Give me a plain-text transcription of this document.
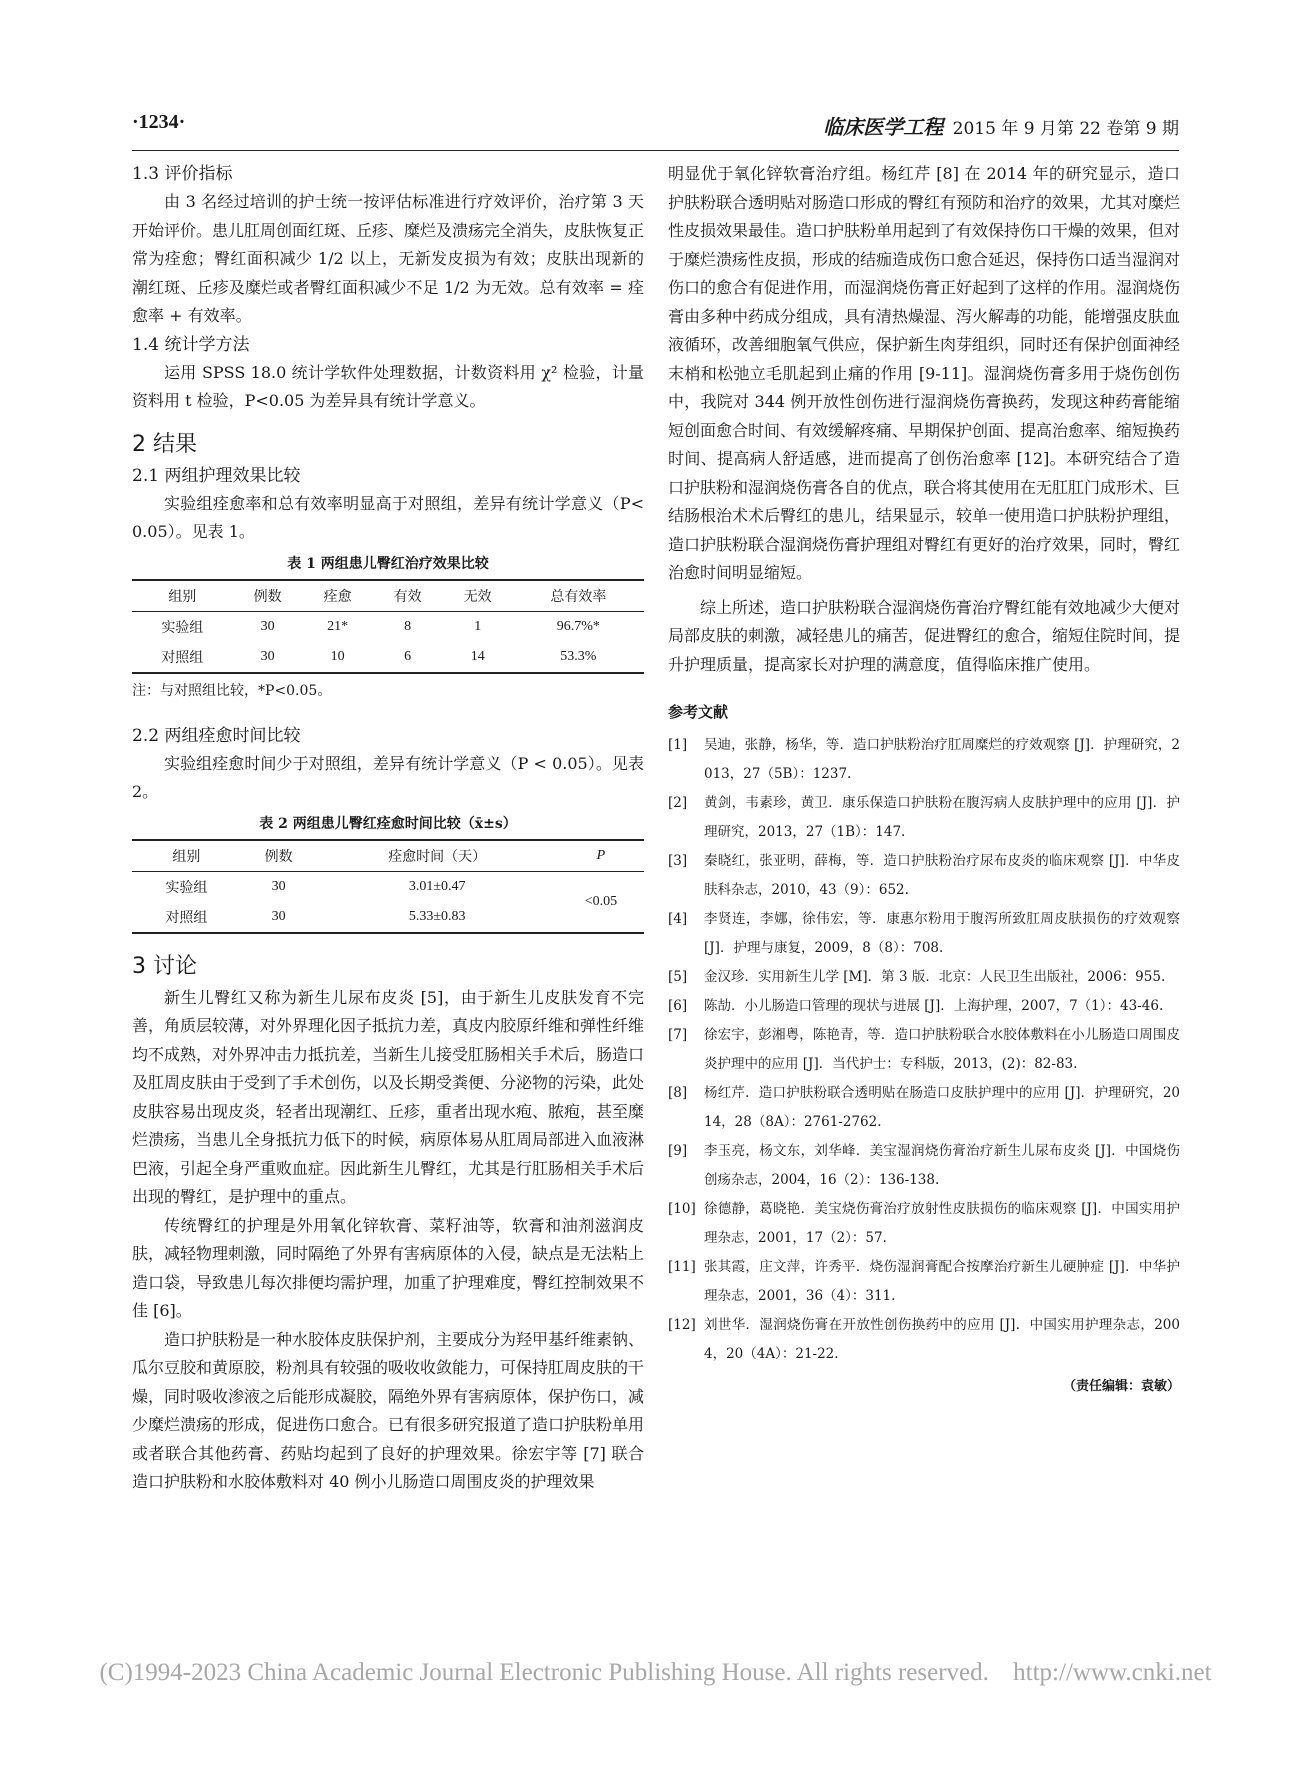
·1234·	临床医学工程 2015 年 9 月第 22 卷第 9 期

1.3 评价指标

由 3 名经过培训的护士统一按评估标准进行疗效评价，治疗第 3 天开始评价。患儿肛周创面红斑、丘疹、糜烂及溃疡完全消失，皮肤恢复正常为痊愈；臀红面积减少 1/2 以上，无新发皮损为有效；皮肤出现新的潮红斑、丘疹及糜烂或者臀红面积减少不足 1/2 为无效。总有效率 = 痊愈率 + 有效率。

1.4 统计学方法

运用 SPSS 18.0 统计学软件处理数据，计数资料用 χ² 检验，计量资料用 t 检验，P<0.05 为差异具有统计学意义。

2 结果

2.1 两组护理效果比较

实验组痊愈率和总有效率明显高于对照组，差异有统计学意义（P<0.05）。见表 1。

表 1 两组患儿臀红治疗效果比较
组别	例数	痊愈	有效	无效	总有效率
实验组	30	21*	8	1	96.7%*
对照组	30	10	6	14	53.3%

注：与对照组比较，*P<0.05。

2.2 两组痊愈时间比较

实验组痊愈时间少于对照组，差异有统计学意义（P < 0.05）。见表 2。

表 2 两组患儿臀红痊愈时间比较（x̄±s）
组别	例数	痊愈时间（天）	P
实验组	30	3.01±0.47	<0.05
对照组	30	5.33±0.83	

3 讨论

新生儿臀红又称为新生儿尿布皮炎 [5]，由于新生儿皮肤发育不完善，角质层较薄，对外界理化因子抵抗力差，真皮内胶原纤维和弹性纤维均不成熟，对外界冲击力抵抗差，当新生儿接受肛肠相关手术后，肠造口及肛周皮肤由于受到了手术创伤，以及长期受粪便、分泌物的污染，此处皮肤容易出现皮炎，轻者出现潮红、丘疹，重者出现水疱、脓疱，甚至糜烂溃疡，当患儿全身抵抗力低下的时候，病原体易从肛周局部进入血液淋巴液，引起全身严重败血症。因此新生儿臀红，尤其是行肛肠相关手术后出现的臀红，是护理中的重点。

传统臀红的护理是外用氧化锌软膏、菜籽油等，软膏和油剂滋润皮肤，减轻物理刺激，同时隔绝了外界有害病原体的入侵，缺点是无法粘上造口袋，导致患儿每次排便均需护理，加重了护理难度，臀红控制效果不佳 [6]。

造口护肤粉是一种水胶体皮肤保护剂，主要成分为羟甲基纤维素钠、瓜尔豆胶和黄原胶，粉剂具有较强的吸收收敛能力，可保持肛周皮肤的干燥，同时吸收渗液之后能形成凝胶，隔绝外界有害病原体，保护伤口，减少糜烂溃疡的形成，促进伤口愈合。已有很多研究报道了造口护肤粉单用或者联合其他药膏、药贴均起到了良好的护理效果。徐宏宇等 [7] 联合造口护肤粉和水胶体敷料对 40 例小儿肠造口周围皮炎的护理效果

明显优于氧化锌软膏治疗组。杨红芹 [8] 在 2014 年的研究显示，造口护肤粉联合透明贴对肠造口形成的臀红有预防和治疗的效果，尤其对糜烂性皮损效果最佳。造口护肤粉单用起到了有效保持伤口干燥的效果，但对于糜烂溃疡性皮损，形成的结痂造成伤口愈合延迟，保持伤口适当湿润对伤口的愈合有促进作用，而湿润烧伤膏正好起到了这样的作用。湿润烧伤膏由多种中药成分组成，具有清热燥湿、泻火解毒的功能，能增强皮肤血液循环，改善细胞氧气供应，保护新生肉芽组织，同时还有保护创面神经末梢和松弛立毛肌起到止痛的作用 [9-11]。湿润烧伤膏多用于烧伤创伤中，我院对 344 例开放性创伤进行湿润烧伤膏换药，发现这种药膏能缩短创面愈合时间、有效缓解疼痛、早期保护创面、提高治愈率、缩短换药时间、提高病人舒适感，进而提高了创伤治愈率 [12]。本研究结合了造口护肤粉和湿润烧伤膏各自的优点，联合将其使用在无肛肛门成形术、巨结肠根治术术后臀红的患儿，结果显示，较单一使用造口护肤粉护理组，造口护肤粉联合湿润烧伤膏护理组对臀红有更好的治疗效果，同时，臀红治愈时间明显缩短。

综上所述，造口护肤粉联合湿润烧伤膏治疗臀红能有效地减少大便对局部皮肤的刺激，减轻患儿的痛苦，促进臀红的愈合，缩短住院时间，提升护理质量，提高家长对护理的满意度，值得临床推广使用。

参考文献

[1]	吴迪，张静，杨华，等．造口护肤粉治疗肛周糜烂的疗效观察 [J]．护理研究，2013，27（5B）：1237.
[2]	黄剑，韦素珍，黄卫．康乐保造口护肤粉在腹泻病人皮肤护理中的应用 [J]．护理研究，2013，27（1B）：147.
[3]	秦晓红，张亚明，薛梅，等．造口护肤粉治疗尿布皮炎的临床观察 [J]．中华皮肤科杂志，2010，43（9）：652.
[4]	李贤连，李娜，徐伟宏，等．康惠尔粉用于腹泻所致肛周皮肤损伤的疗效观察 [J]．护理与康复，2009，8（8）：708.
[5]	金汉珍．实用新生儿学 [M]．第 3 版．北京：人民卫生出版社，2006：955.
[6]	陈劼．小儿肠造口管理的现状与进展 [J]．上海护理，2007，7（1）：43-46.
[7]	徐宏宇，彭湘粤，陈艳青，等．造口护肤粉联合水胶体敷料在小儿肠造口周围皮炎护理中的应用 [J]．当代护士：专科版，2013，(2)：82-83.
[8]	杨红芹．造口护肤粉联合透明贴在肠造口皮肤护理中的应用 [J]．护理研究，2014，28（8A）：2761-2762.
[9]	李玉亮，杨文东，刘华峰．美宝湿润烧伤膏治疗新生儿尿布皮炎 [J]．中国烧伤创疡杂志，2004，16（2）：136-138.
[10] 徐德静，葛晓艳．美宝烧伤膏治疗放射性皮肤损伤的临床观察 [J]．中国实用护理杂志，2001，17（2）：57.
[11] 张其霞，庄文萍，许秀平．烧伤湿润膏配合按摩治疗新生儿硬肿症 [J]．中华护理杂志，2001，36（4）：311.
[12] 刘世华．湿润烧伤膏在开放性创伤换药中的应用 [J]．中国实用护理杂志，2004，20（4A）：21-22.
（责任编辑：袁敏）
(C)1994-2023 China Academic Journal Electronic Publishing House. All rights reserved. http://www.cnki.net
